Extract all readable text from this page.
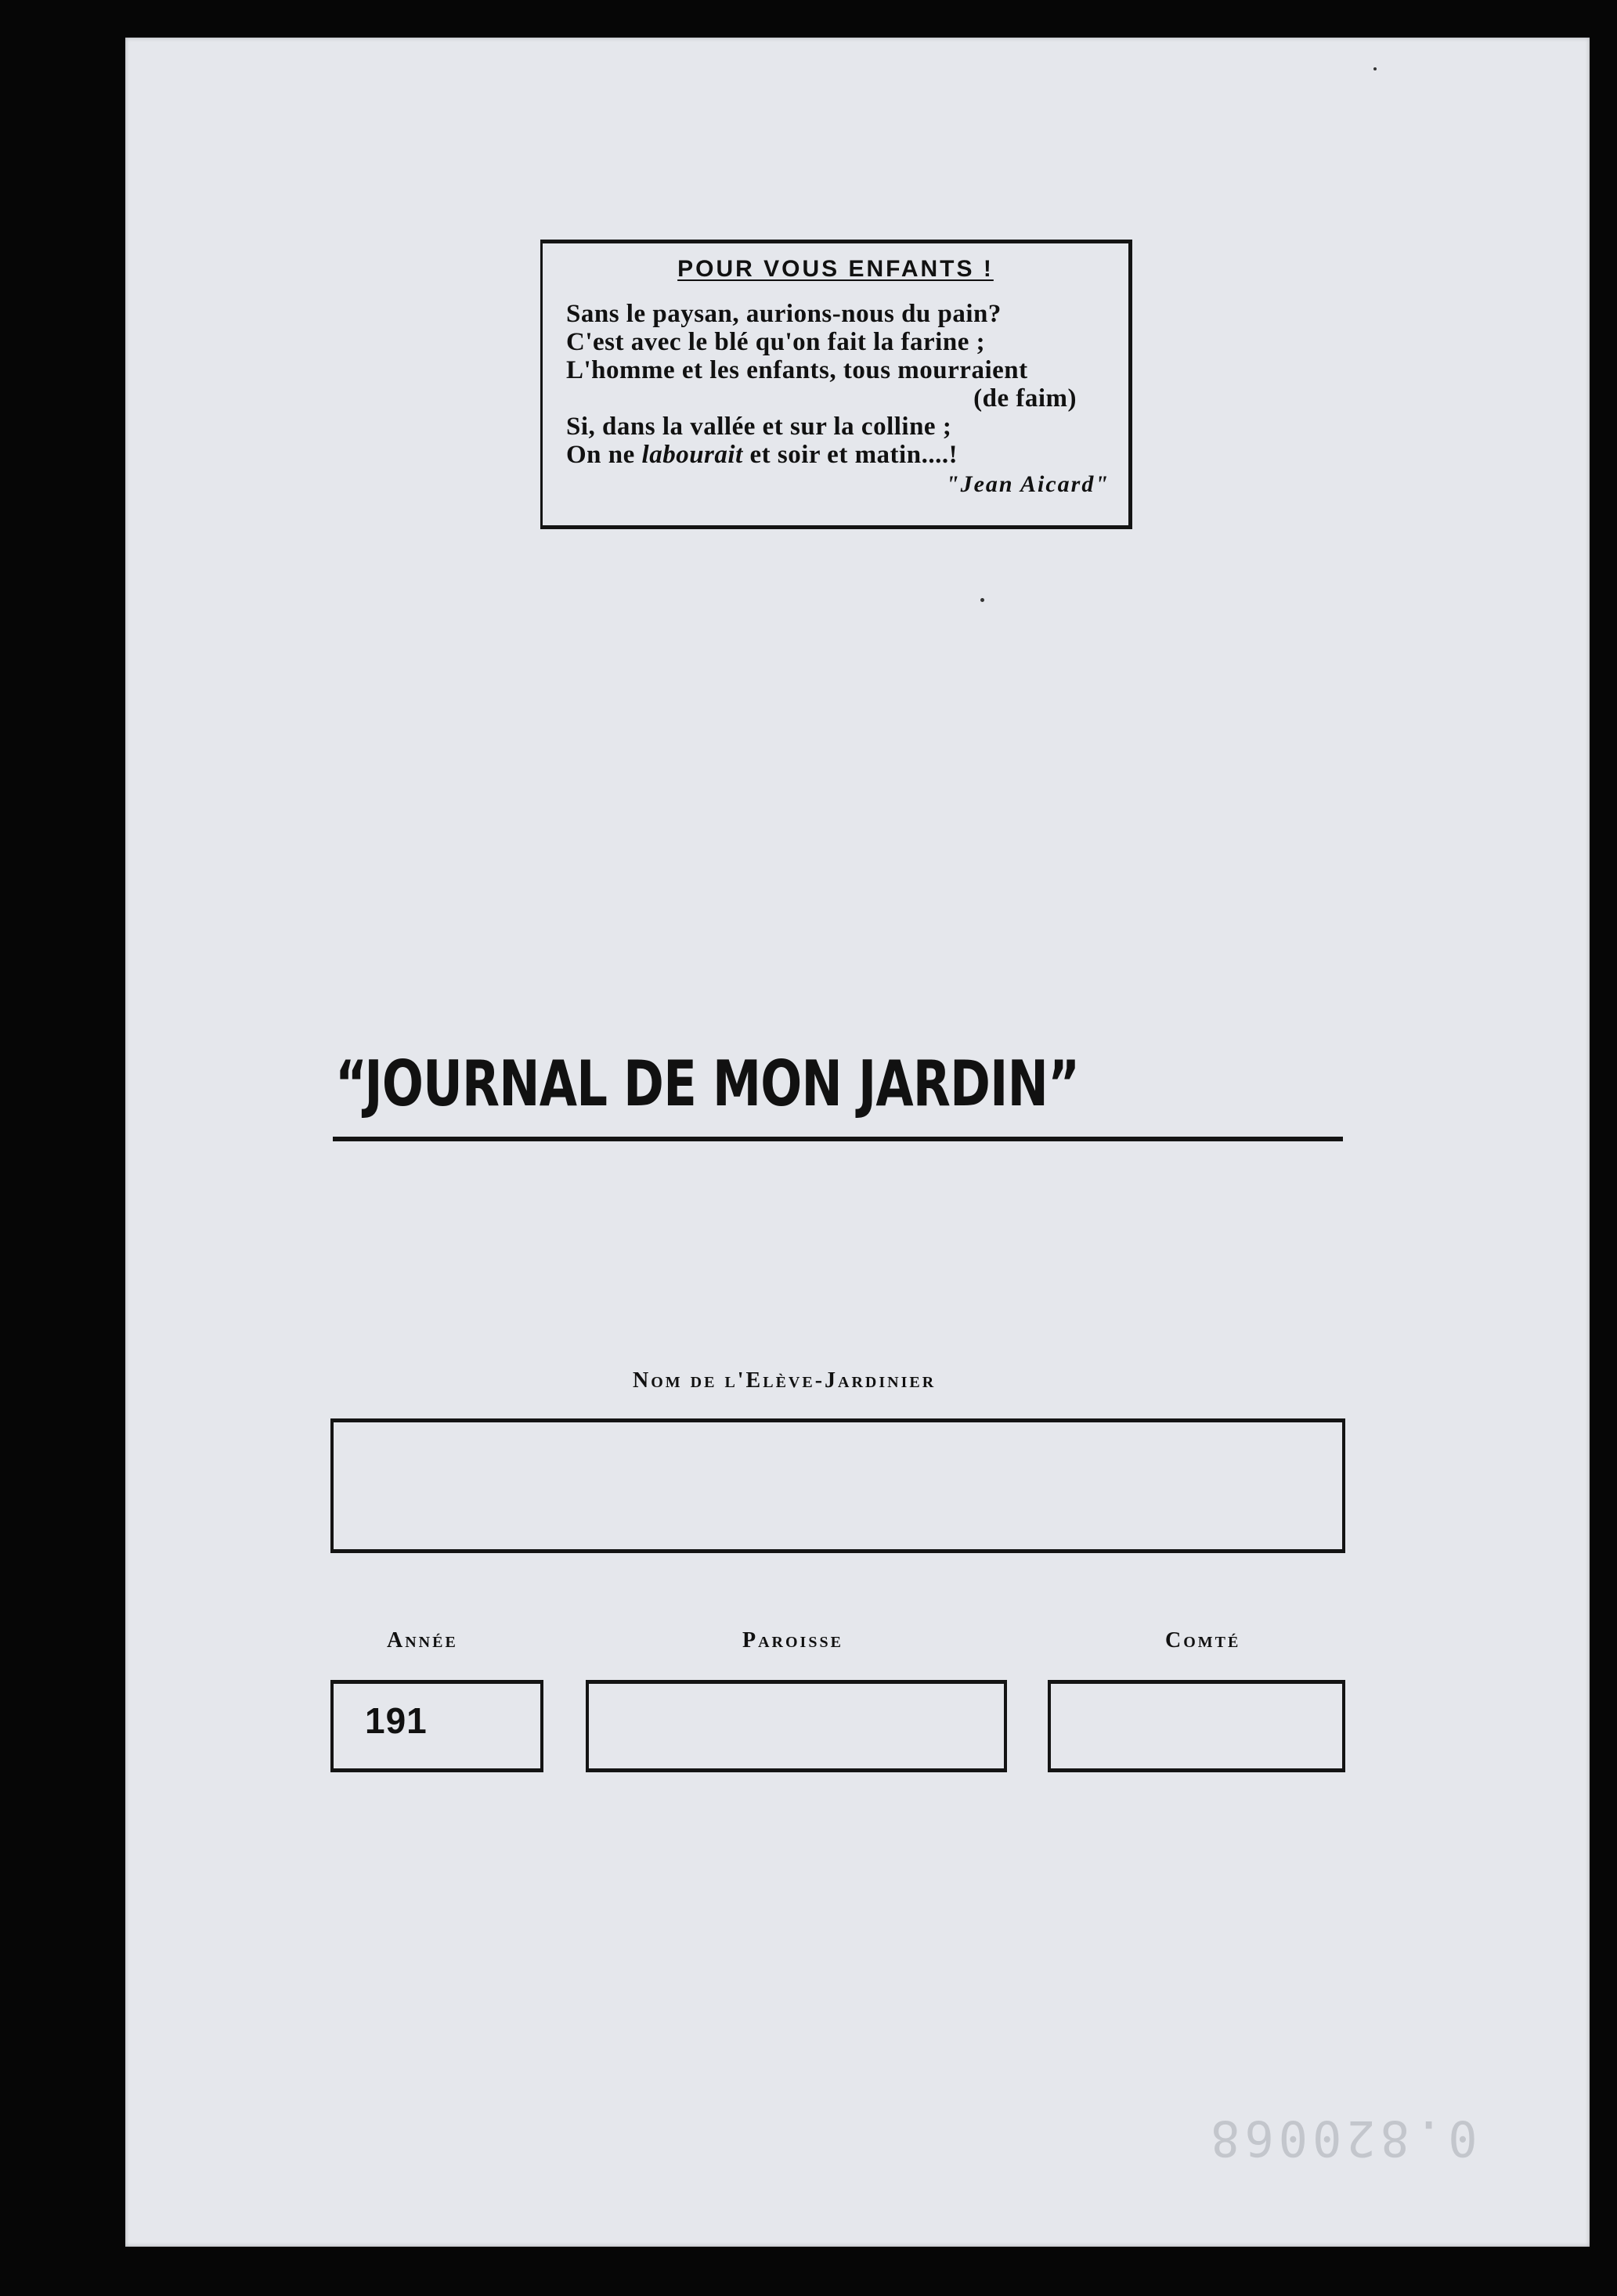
POUR VOUS ENFANTS !
Sans le paysan, aurions-nous du pain?
C'est avec le blé qu'on fait la farine ;
L'homme et les enfants, tous mourraient
(de faim)
Si, dans la vallée et sur la colline ;
On ne labourait et soir et matin....!
"Jean Aicard"
“JOURNAL DE MON JARDIN”
Nom de l'Elève-Jardinier
Année	Paroisse	Comté
191
0.820068
